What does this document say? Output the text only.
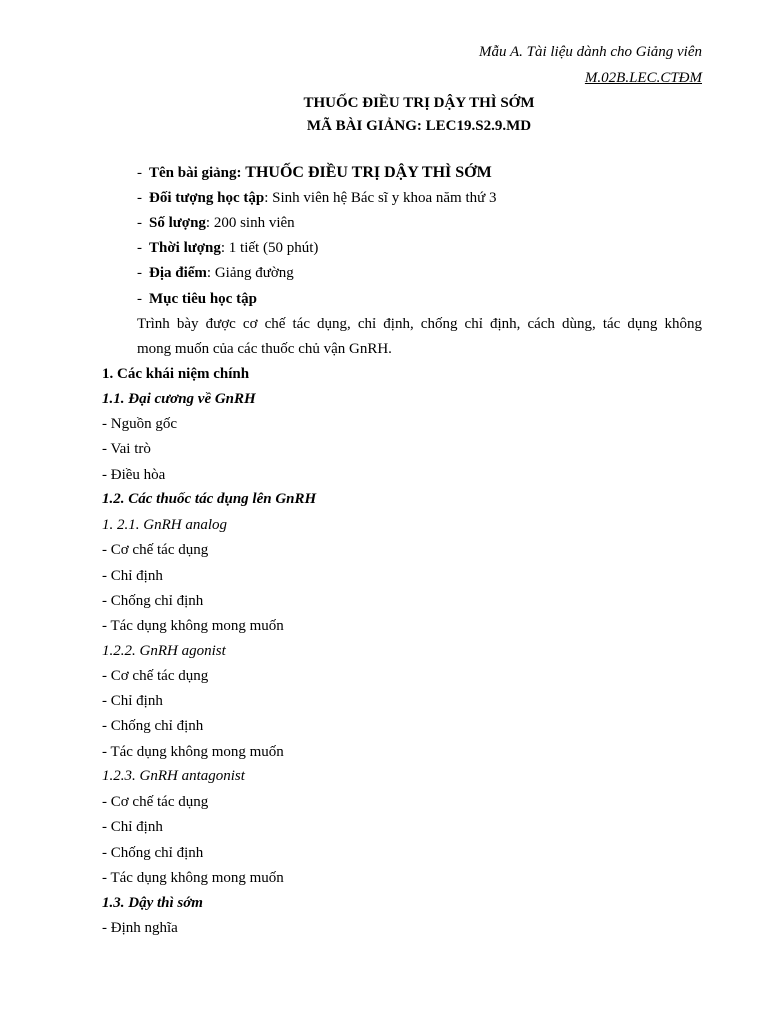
Mẫu A. Tài liệu dành cho Giảng viên
M.02B.LEC.CTĐM
THUỐC ĐIỀU TRỊ DẬY THÌ SỚM
MÃ BÀI GIẢNG: LEC19.S2.9.MD
- Tên bài giảng: THUỐC ĐIỀU TRỊ DẬY THÌ SỚM
- Đối tượng học tập: Sinh viên hệ Bác sĩ y khoa năm thứ 3
- Số lượng: 200 sinh viên
- Thời lượng: 1 tiết (50 phút)
- Địa điểm: Giảng đường
- Mục tiêu học tập
Trình bày được cơ chế tác dụng, chỉ định, chống chỉ định, cách dùng, tác dụng không
mong muốn của các thuốc chủ vận GnRH.
1. Các khái niệm chính
1.1. Đại cương về GnRH
- Nguồn gốc
- Vai trò
- Điều hòa
1.2. Các thuốc tác dụng lên GnRH
1. 2.1. GnRH analog
- Cơ chế tác dụng
- Chỉ định
- Chống chỉ định
- Tác dụng không mong muốn
1.2.2. GnRH agonist
- Cơ chế tác dụng
- Chỉ định
- Chống chỉ định
- Tác dụng không mong muốn
1.2.3. GnRH antagonist
- Cơ chế tác dụng
- Chỉ định
- Chống chỉ định
- Tác dụng không mong muốn
1.3. Dậy thì sớm
- Định nghĩa
